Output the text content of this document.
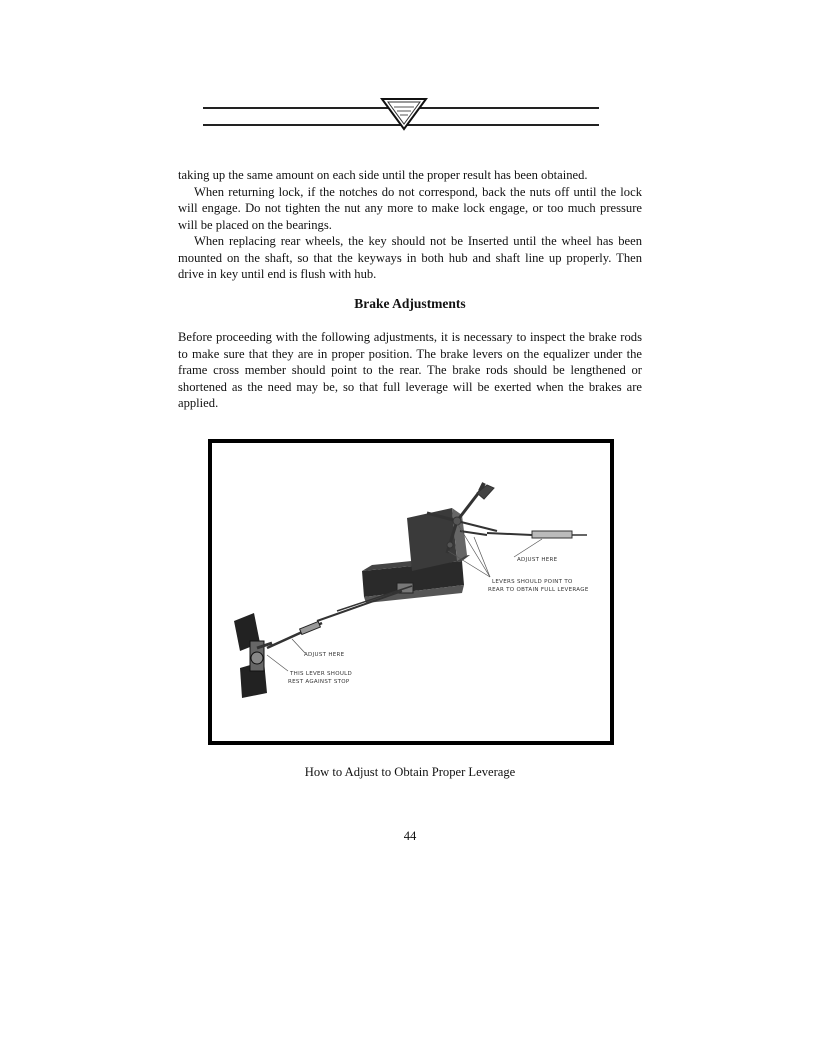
taking up the same amount on each side until the proper result has been obtained.

When returning lock, if the notches do not correspond, back the nuts off until the lock will engage. Do not tighten the nut any more to make lock engage, or too much pressure will be placed on the bearings.

When replacing rear wheels, the key should not be Inserted until the wheel has been mounted on the shaft, so that the keyways in both hub and shaft line up properly. Then drive in key until end is flush with hub.

Brake Adjustments

Before proceeding with the following adjustments, it is necessary to inspect the brake rods to make sure that they are in proper position. The brake levers on the equalizer under the frame cross member should point to the rear. The brake rods should be lengthened or shortened as the need may be, so that full leverage will be exerted when the brakes are applied.

ADJUST HERE
LEVERS SHOULD POINT TO
REAR TO OBTAIN FULL LEVERAGE
ADJUST HERE
THIS LEVER SHOULD
REST AGAINST STOP

How to Adjust to Obtain Proper Leverage

44
